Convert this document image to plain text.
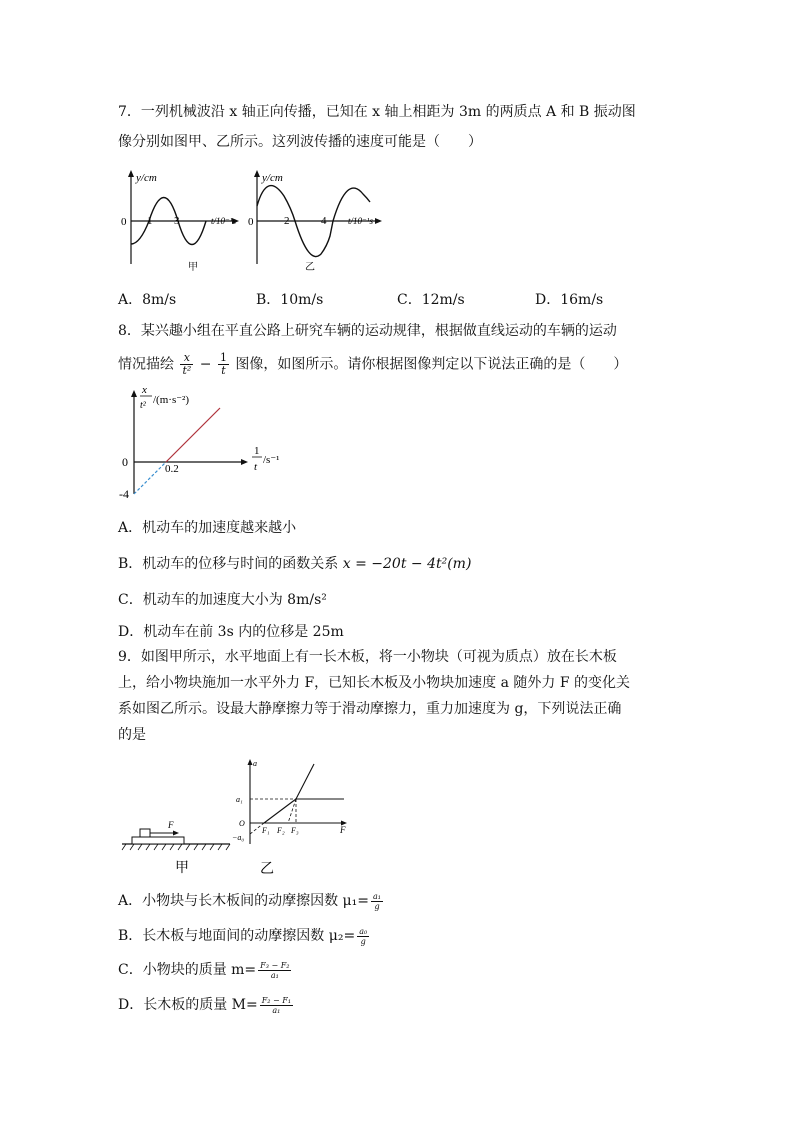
7．一列机械波沿 x 轴正向传播，已知在 x 轴上相距为 3m 的两质点 A 和 B 振动图
像分别如图甲、乙所示。这列波传播的速度可能是（　　）
y/cm
0 1 3	t/10⁻¹s
甲
y/cm
0	2	4 t/10⁻¹s
乙
A．8m/s	B．10m/s	C．12m/s	D．16m/s
8．某兴趣小组在平直公路上研究车辆的运动规律，根据做直线运动的车辆的运动
情况描绘 $\frac{x}{\text{t²}} - \frac{1}{t}$ 图像，如图所示。请你根据图像判定以下说法正确的是（　　）
x
t² /(m·s⁻²)
1
t
/s⁻¹
0	0.2
-4
A．机动车的加速度越来越小
B．机动车的位移与时间的函数关系 x = −20t − 4t²(m)
C．机动车的加速度大小为 8m/s²
D．机动车在前 3s 内的位移是 25m
9．如图甲所示，水平地面上有一长木板，将一小物块（可视为质点）放在长木板
上，给小物块施加一水平外力 F，已知长木板及小物块加速度 a 随外力 F 的变化关
系如图乙所示。设最大静摩擦力等于滑动摩擦力，重力加速度为 g，下列说法正确
的是
F
甲
a
a₁
O
−a₀
F₁ F₂ F₃	F
乙
A．小物块与长木板间的动摩擦因数 $\mu_1= \frac{\text{a₁}}{g}$
B．长木板与地面间的动摩擦因数 $\mu_2= \frac{\text{a₀}}{g}$
C．小物块的质量 $m= \frac{\text{F₃ − F₂}}{\text{a₁}}$
D．长木板的质量 $M= \frac{\text{F₂ − F₁}}{\text{a₁}}$
